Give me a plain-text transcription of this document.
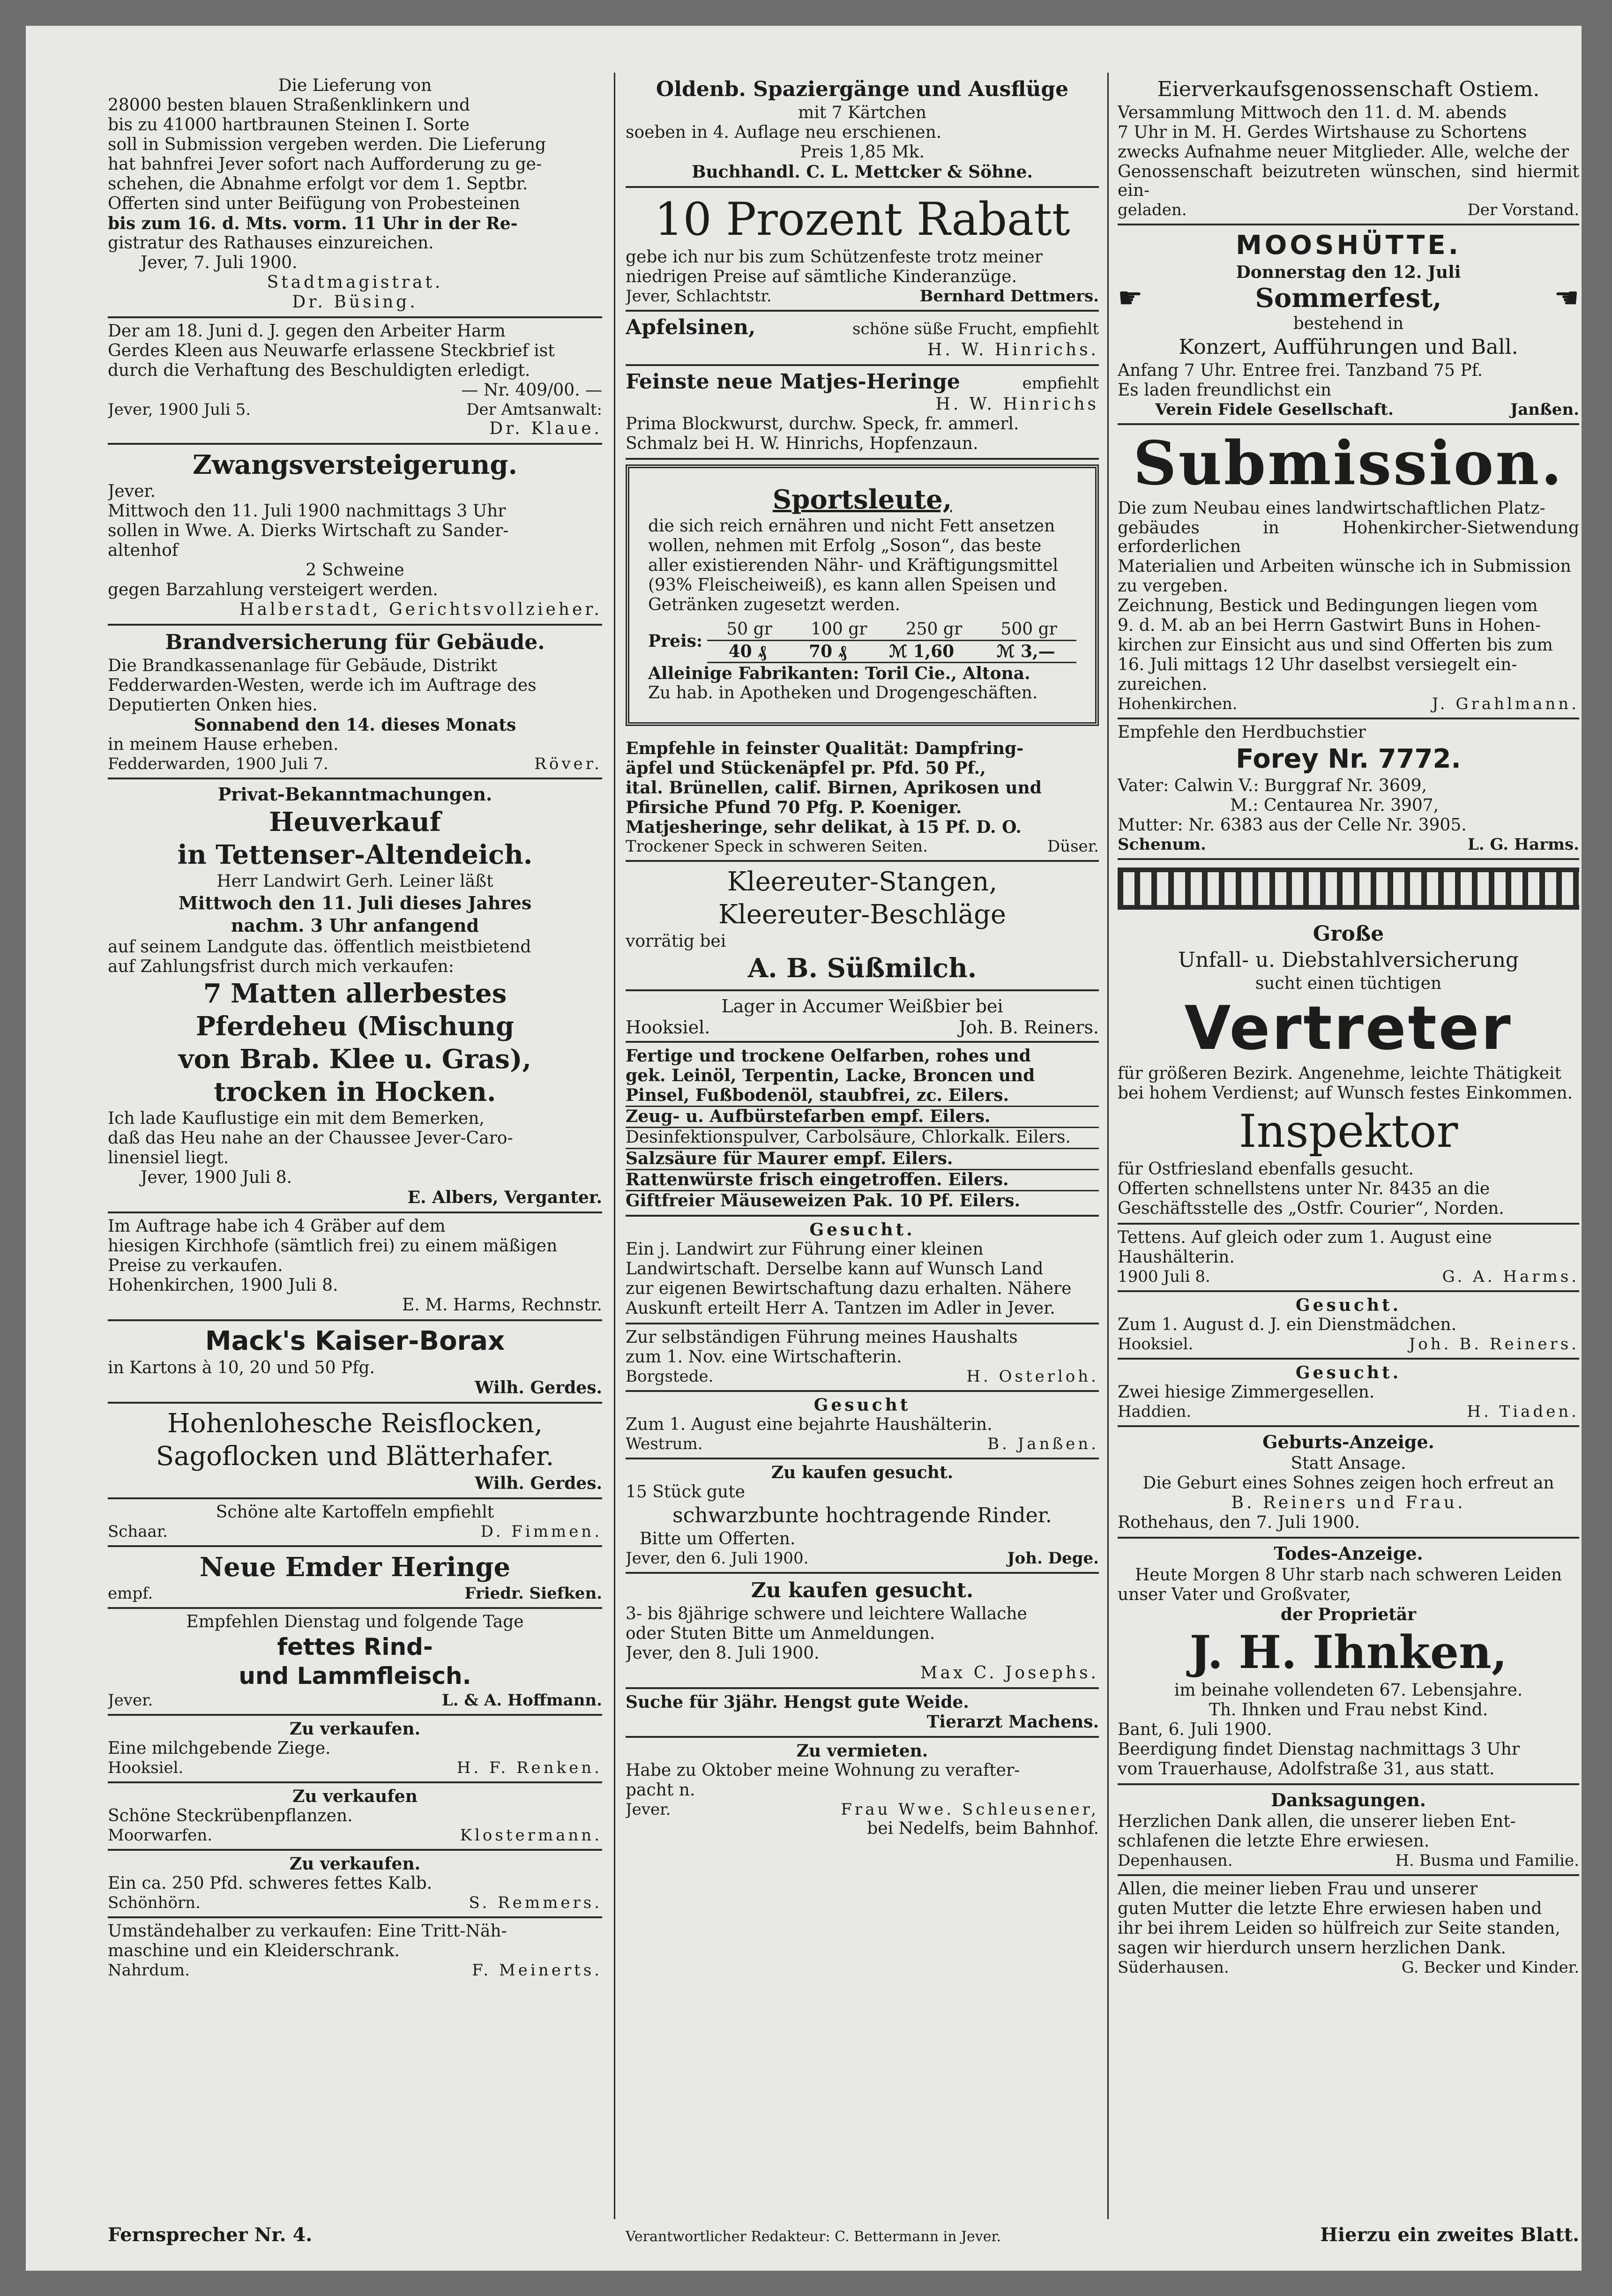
Die Lieferung von

28000 besten blauen Straßenklinkern und

bis zu 41000 hartbraunen Steinen I. Sorte

soll in Submission vergeben werden. Die Lieferung

hat bahnfrei Jever sofort nach Aufforderung zu ge-

schehen, die Abnahme erfolgt vor dem 1. Septbr.

Offerten sind unter Beifügung von Probesteinen

bis zum 16. d. Mts. vorm. 11 Uhr in der Re-

gistratur des Rathauses einzureichen.

Jever, 7. Juli 1900.

Stadtmagistrat.

Dr. Büsing.

Der am 18. Juni d. J. gegen den Arbeiter Harm

Gerdes Kleen aus Neuwarfe erlassene Steckbrief ist

durch die Verhaftung des Beschuldigten erledigt.

— Nr. 409/00. —

Jever, 1900 Juli 5.	Der Amtsanwalt:

Dr. Klaue.

Zwangsversteigerung.

Jever.

Mittwoch den 11. Juli 1900 nachmittags 3 Uhr

sollen in Wwe. A. Dierks Wirtschaft zu Sander-

altenhof

2 Schweine

gegen Barzahlung versteigert werden.

Halberstadt, Gerichtsvollzieher.

Brandversicherung für Gebäude.

Die Brandkassenanlage für Gebäude, Distrikt

Fedderwarden-Westen, werde ich im Auftrage des

Deputierten Onken hies.

Sonnabend den 14. dieses Monats

in meinem Hause erheben.

Fedderwarden, 1900 Juli 7.	Röver.

Privat-Bekanntmachungen.

Heuverkauf

in Tettenser-Altendeich.

Herr Landwirt Gerh. Leiner läßt

Mittwoch den 11. Juli dieses Jahres

nachm. 3 Uhr anfangend

auf seinem Landgute das. öffentlich meistbietend

auf Zahlungsfrist durch mich verkaufen:

7 Matten allerbestes

Pferdeheu (Mischung

von Brab. Klee u. Gras),

trocken in Hocken.

Ich lade Kauflustige ein mit dem Bemerken,

daß das Heu nahe an der Chaussee Jever-Caro-

linensiel liegt.

Jever, 1900 Juli 8.

E. Albers, Verganter.

Im Auftrage habe ich 4 Gräber auf dem

hiesigen Kirchhofe (sämtlich frei) zu einem mäßigen

Preise zu verkaufen.

Hohenkirchen, 1900 Juli 8.

E. M. Harms, Rechnstr.

Mack's Kaiser-Borax

in Kartons à 10, 20 und 50 Pfg.

Wilh. Gerdes.

Hohenlohesche Reisflocken,

Sagoflocken und Blätterhafer.

Wilh. Gerdes.

Schöne alte Kartoffeln empfiehlt

Schaar.	D. Fimmen.

Neue Emder Heringe

empf.	Friedr. Siefken.

Empfehlen Dienstag und folgende Tage

fettes Rind-

und Lammfleisch.

Jever.	L. & A. Hoffmann.

Zu verkaufen.

Eine milchgebende Ziege.

Hooksiel.	H. F. Renken.

Zu verkaufen

Schöne Steckrübenpflanzen.

Moorwarfen.	Klostermann.

Zu verkaufen.

Ein ca. 250 Pfd. schweres fettes Kalb.

Schönhörn.	S. Remmers.

Umständehalber zu verkaufen: Eine Tritt-Näh-

maschine und ein Kleiderschrank.

Nahrdum.	F. Meinerts.

Oldenb. Spaziergänge und Ausflüge

mit 7 Kärtchen

soeben in 4. Auflage neu erschienen.

Preis 1,85 Mk.

Buchhandl. C. L. Mettcker & Söhne.

10 Prozent Rabatt

gebe ich nur bis zum Schützenfeste trotz meiner

niedrigen Preise auf sämtliche Kinderanzüge.

Jever, Schlachtstr.	Bernhard Dettmers.
Apfelsinen,	schöne süße Frucht, empfiehlt

H. W. Hinrichs.

Feinste neue Matjes-Heringe	empfiehlt

H. W. Hinrichs

Prima Blockwurst, durchw. Speck, fr. ammerl.

Schmalz bei H. W. Hinrichs, Hopfenzaun.

Sportsleute,

die sich reich ernähren und nicht Fett ansetzen

wollen, nehmen mit Erfolg „Soson“, das beste

aller existierenden Nähr- und Kräftigungsmittel

(93% Fleischeiweiß), es kann allen Speisen und

Getränken zugesetzt werden.

Preis:
50 gr 100 gr 250 gr 500 gr
40 ₰	70 ₰	ℳ 1,60	ℳ 3,—

Alleinige Fabrikanten: Toril Cie., Altona.

Zu hab. in Apotheken und Drogengeschäften.

Empfehle in feinster Qualität: Dampfring-

äpfel und Stückenäpfel pr. Pfd. 50 Pf.,

ital. Brünellen, calif. Birnen, Aprikosen und

Pfirsiche Pfund 70 Pfg. P. Koeniger.

Matjesheringe, sehr delikat, à 15 Pf. D. O.

Trockener Speck in schweren Seiten.	Düser.

Kleereuter-Stangen,

Kleereuter-Beschläge

vorrätig bei

A. B. Süßmilch.

Lager in Accumer Weißbier bei

Hooksiel.	Joh. B. Reiners.

Fertige und trockene Oelfarben, rohes und

gek. Leinöl, Terpentin, Lacke, Broncen und

Pinsel, Fußbodenöl, staubfrei, zc. Eilers.

Zeug- u. Aufbürstefarben empf. Eilers.

Desinfektionspulver, Carbolsäure, Chlorkalk. Eilers.

Salzsäure für Maurer empf. Eilers.

Rattenwürste frisch eingetroffen. Eilers.

Giftfreier Mäuseweizen Pak. 10 Pf. Eilers.

Gesucht.

Ein j. Landwirt zur Führung einer kleinen

Landwirtschaft. Derselbe kann auf Wunsch Land

zur eigenen Bewirtschaftung dazu erhalten. Nähere

Auskunft erteilt Herr A. Tantzen im Adler in Jever.

Zur selbständigen Führung meines Haushalts

zum 1. Nov. eine Wirtschafterin.

Borgstede.	H. Osterloh.

Gesucht

Zum 1. August eine bejahrte Haushälterin.

Westrum.	B. Janßen.

Zu kaufen gesucht.

15 Stück gute

schwarzbunte hochtragende Rinder.

Bitte um Offerten.

Jever, den 6. Juli 1900.	Joh. Dege.

Zu kaufen gesucht.

3- bis 8jährige schwere und leichtere Wallache

oder Stuten Bitte um Anmeldungen.

Jever, den 8. Juli 1900.

Max C. Josephs.

Suche für 3jähr. Hengst gute Weide.

Tierarzt Machens.

Zu vermieten.

Habe zu Oktober meine Wohnung zu verafter-

pacht n.

Jever.	Frau Wwe. Schleusener,

bei Nedelfs, beim Bahnhof.

Eierverkaufsgenossenschaft Ostiem.

Versammlung Mittwoch den 11. d. M. abends

7 Uhr in M. H. Gerdes Wirtshause zu Schortens

zwecks Aufnahme neuer Mitglieder. Alle, welche der

Genossenschaft beizutreten wünschen, sind hiermit ein-

geladen.	Der Vorstand.

MOOSHÜTTE.

Donnerstag den 12. Juli

☛	Sommerfest,	☚

bestehend in

Konzert, Aufführungen und Ball.

Anfang 7 Uhr. Entree frei. Tanzband 75 Pf.

Es laden freundlichst ein

Verein Fidele Gesellschaft.	Janßen.

Submission.

Die zum Neubau eines landwirtschaftlichen Platz-

gebäudes in Hohenkircher-Sietwendung erforderlichen

Materialien und Arbeiten wünsche ich in Submission

zu vergeben.

Zeichnung, Bestick und Bedingungen liegen vom

9. d. M. ab an bei Herrn Gastwirt Buns in Hohen-

kirchen zur Einsicht aus und sind Offerten bis zum

16. Juli mittags 12 Uhr daselbst versiegelt ein-

zureichen.

Hohenkirchen.	J. Grahlmann.

Empfehle den Herdbuchstier

Forey Nr. 7772.

Vater: Calwin V.: Burggraf Nr. 3609,

M.: Centaurea Nr. 3907,

Mutter: Nr. 6383 aus der Celle Nr. 3905.

Schenum.	L. G. Harms.

Große

Unfall- u. Diebstahlversicherung

sucht einen tüchtigen

Vertreter

für größeren Bezirk. Angenehme, leichte Thätigkeit

bei hohem Verdienst; auf Wunsch festes Einkommen.

Inspektor

für Ostfriesland ebenfalls gesucht.

Offerten schnellstens unter Nr. 8435 an die

Geschäftsstelle des „Ostfr. Courier“, Norden.

Tettens. Auf gleich oder zum 1. August eine

Haushälterin.

1900 Juli 8.	G. A. Harms.

Gesucht.

Zum 1. August d. J. ein Dienstmädchen.

Hooksiel.	Joh. B. Reiners.

Gesucht.

Zwei hiesige Zimmergesellen.

Haddien.	H. Tiaden.

Geburts-Anzeige.

Statt Ansage.

Die Geburt eines Sohnes zeigen hoch erfreut an

B. Reiners und Frau.

Rothehaus, den 7. Juli 1900.

Todes-Anzeige.

Heute Morgen 8 Uhr starb nach schweren Leiden

unser Vater und Großvater,

der Proprietär

J. H. Ihnken,

im beinahe vollendeten 67. Lebensjahre.

Th. Ihnken und Frau nebst Kind.

Bant, 6. Juli 1900.

Beerdigung findet Dienstag nachmittags 3 Uhr

vom Trauerhause, Adolfstraße 31, aus statt.

Danksagungen.

Herzlichen Dank allen, die unserer lieben Ent-

schlafenen die letzte Ehre erwiesen.

Depenhausen.	H. Busma und Familie.

Allen, die meiner lieben Frau und unserer

guten Mutter die letzte Ehre erwiesen haben und

ihr bei ihrem Leiden so hülfreich zur Seite standen,

sagen wir hierdurch unsern herzlichen Dank.

Süderhausen.	G. Becker und Kinder.
Fernsprecher Nr. 4.	Verantwortlicher Redakteur: C. Bettermann in Jever.	Hierzu ein zweites Blatt.
